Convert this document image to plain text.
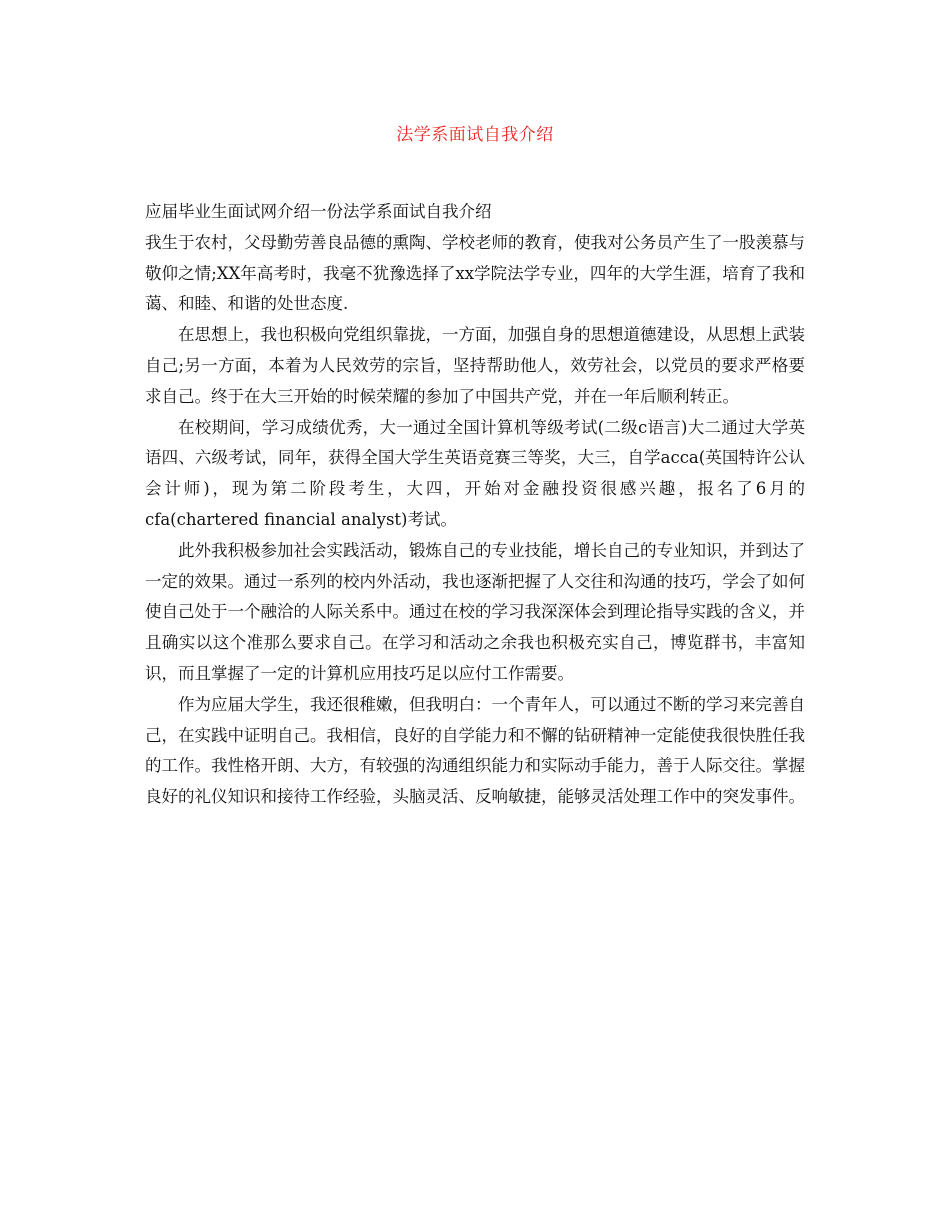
法学系面试自我介绍

应届毕业生面试网介绍一份法学系面试自我介绍

我生于农村，父母勤劳善良品德的熏陶、学校老师的教育，使我对公务员产生了一股羡慕与敬仰之情;XX年高考时，我毫不犹豫选择了xx学院法学专业，四年的大学生涯，培育了我和蔼、和睦、和谐的处世态度.

在思想上，我也积极向党组织靠拢，一方面，加强自身的思想道德建设，从思想上武装自己;另一方面，本着为人民效劳的宗旨，坚持帮助他人，效劳社会，以党员的要求严格要求自己。终于在大三开始的时候荣耀的参加了中国共产党，并在一年后顺利转正。

在校期间，学习成绩优秀，大一通过全国计算机等级考试(二级c语言)大二通过大学英语四、六级考试，同年，获得全国大学生英语竞赛三等奖，大三，自学acca(英国特许公认会计师)，现为第二阶段考生，大四，开始对金融投资很感兴趣，报名了6月的cfa(chartered financial analyst)考试。

此外我积极参加社会实践活动，锻炼自己的专业技能，增长自己的专业知识，并到达了一定的效果。通过一系列的校内外活动，我也逐渐把握了人交往和沟通的技巧，学会了如何使自己处于一个融洽的人际关系中。通过在校的学习我深深体会到理论指导实践的含义，并且确实以这个准那么要求自己。在学习和活动之余我也积极充实自己，博览群书，丰富知识，而且掌握了一定的计算机应用技巧足以应付工作需要。

作为应届大学生，我还很稚嫩，但我明白：一个青年人，可以通过不断的学习来完善自己，在实践中证明自己。我相信，良好的自学能力和不懈的钻研精神一定能使我很快胜任我的工作。我性格开朗、大方，有较强的沟通组织能力和实际动手能力，善于人际交往。掌握良好的礼仪知识和接待工作经验，头脑灵活、反响敏捷，能够灵活处理工作中的突发事件。
